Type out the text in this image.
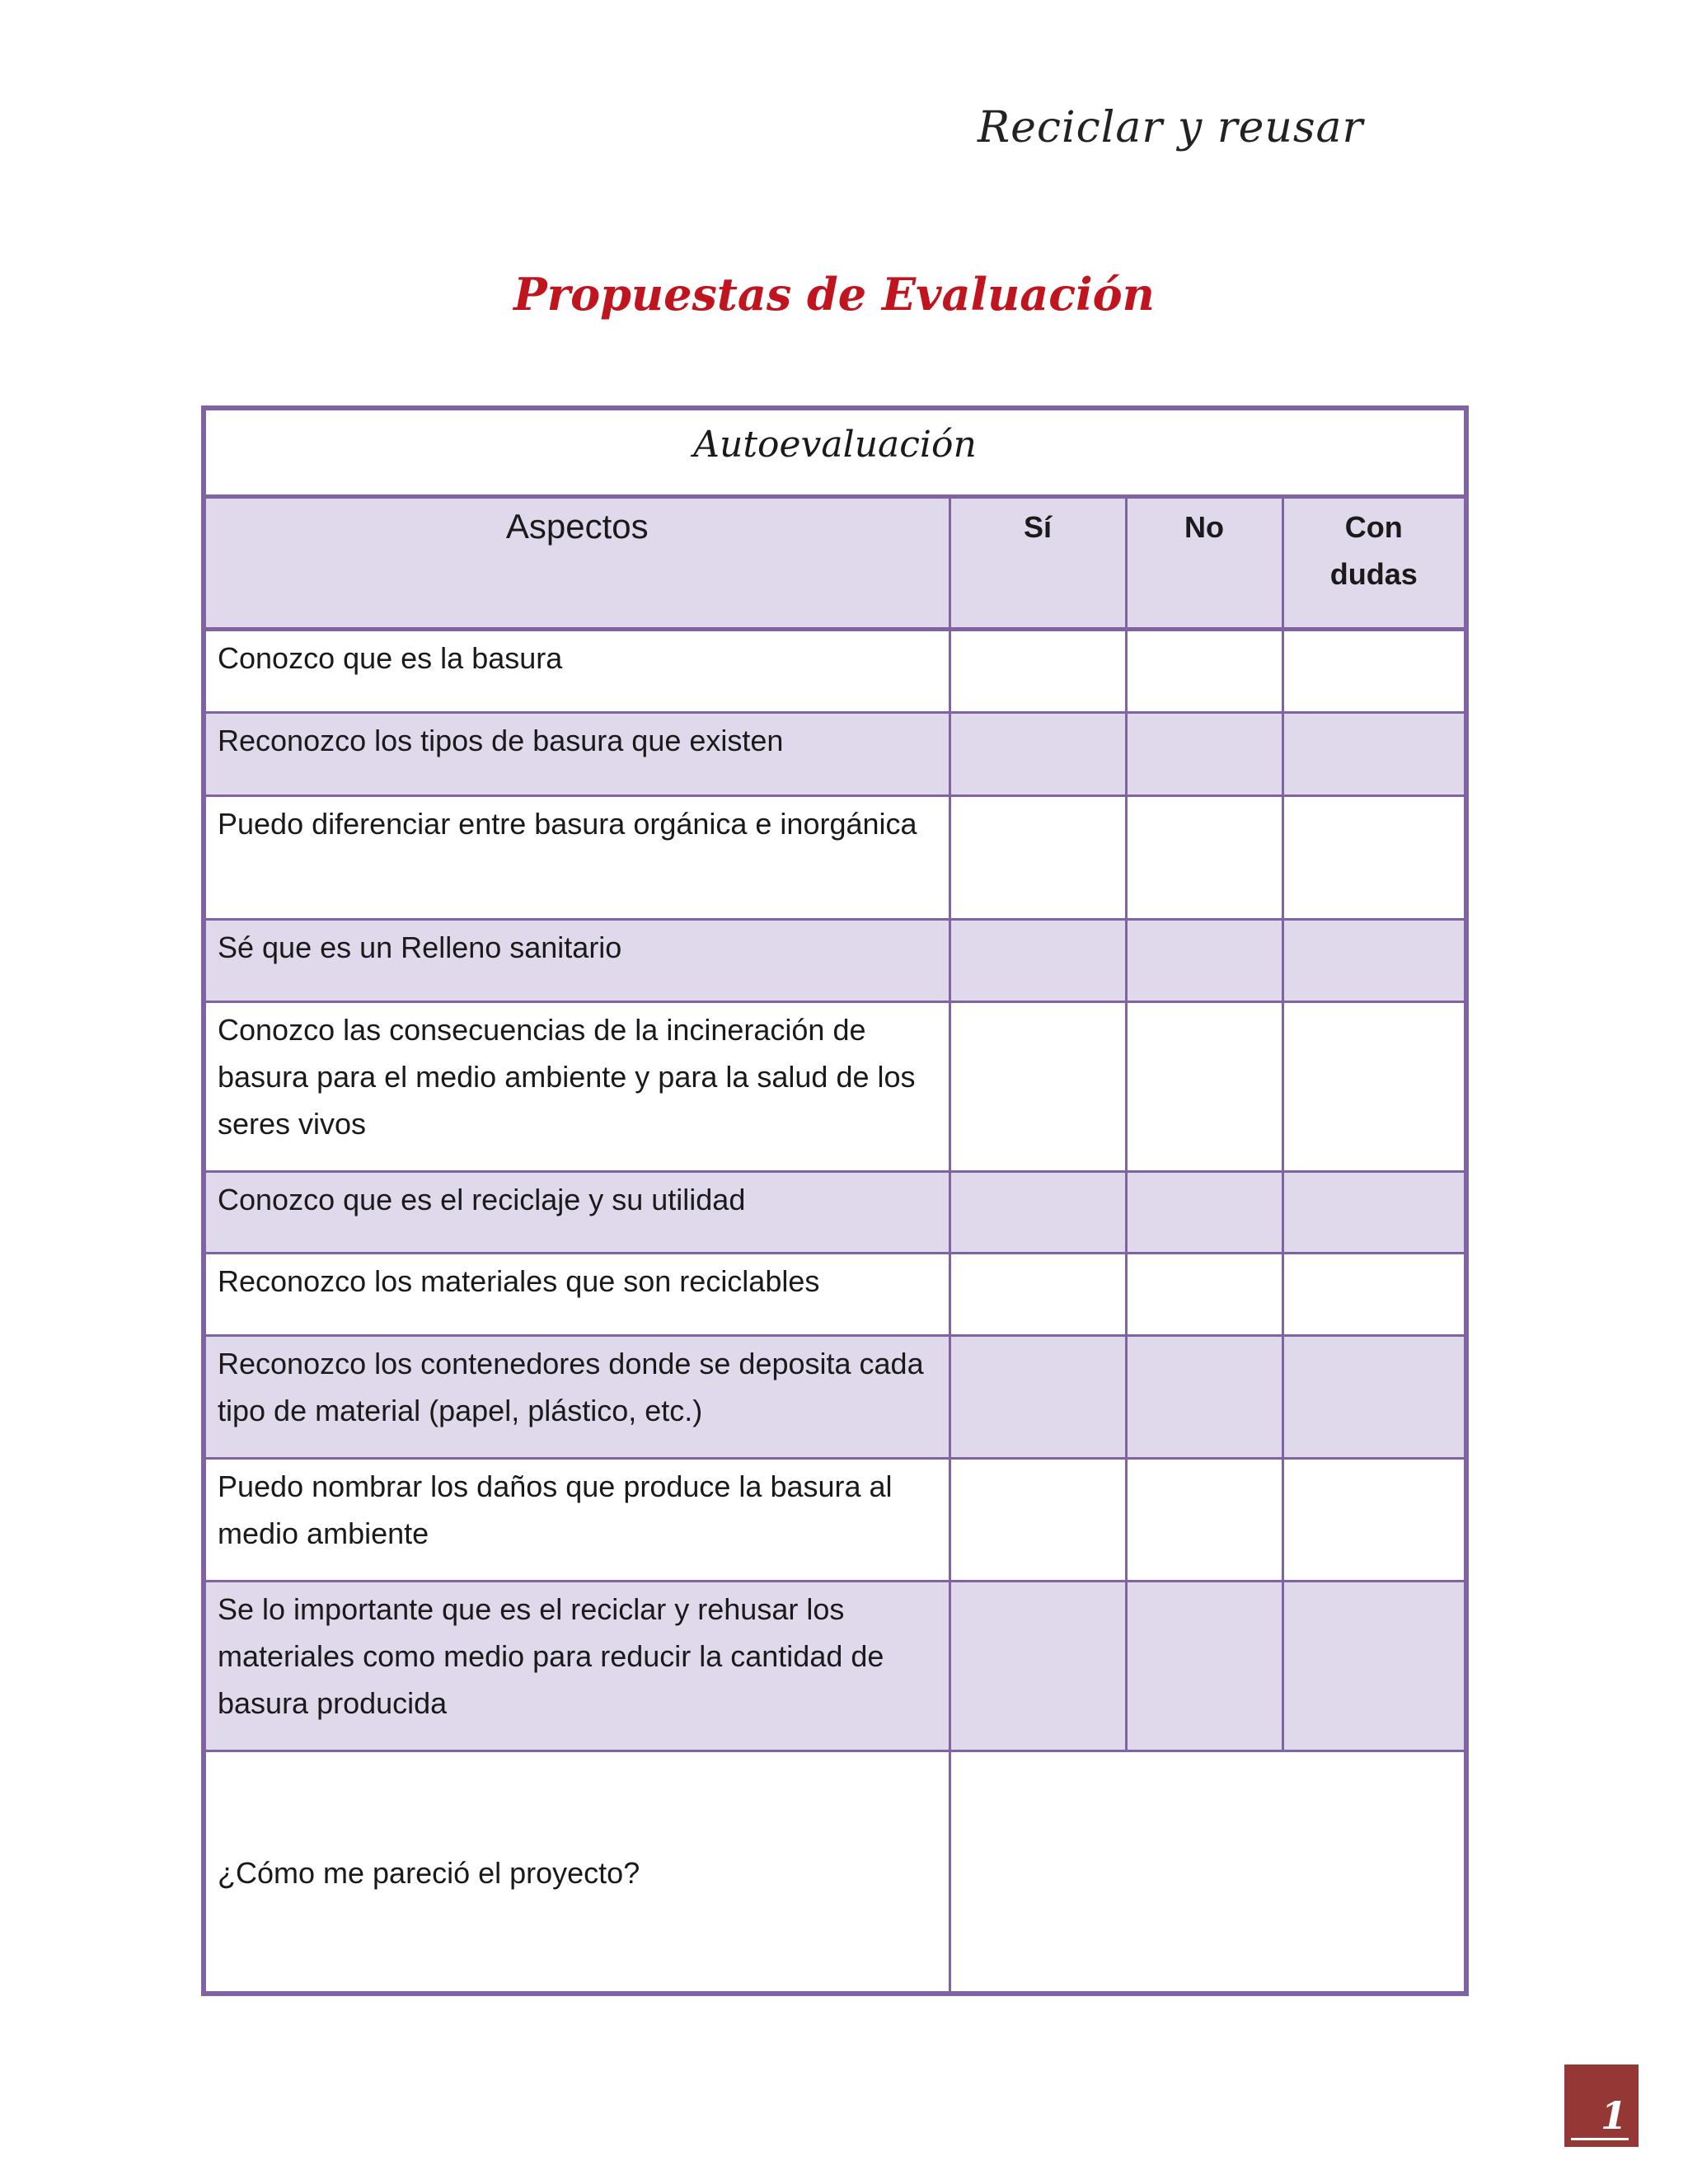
Reciclar y reusar

Propuestas de Evaluación
Autoevaluación			
Aspectos	Sí	No	Con dudas
Conozco que es la basura			
Reconozco los tipos de basura que existen			
Puedo diferenciar entre basura orgánica e inorgánica			
Sé que es un Relleno sanitario			
Conozco las consecuencias de la incineración de basura para el medio ambiente y para la salud de los seres vivos			
Conozco que es el reciclaje y su utilidad			
Reconozco los materiales que son reciclables			
Reconozco los contenedores donde se deposita cada tipo de material (papel, plástico, etc.)			
Puedo nombrar los daños que produce la basura al medio ambiente			
Se lo importante que es el reciclar y rehusar los materiales como medio para reducir la cantidad de basura producida			
¿Cómo me pareció el proyecto?			
1
